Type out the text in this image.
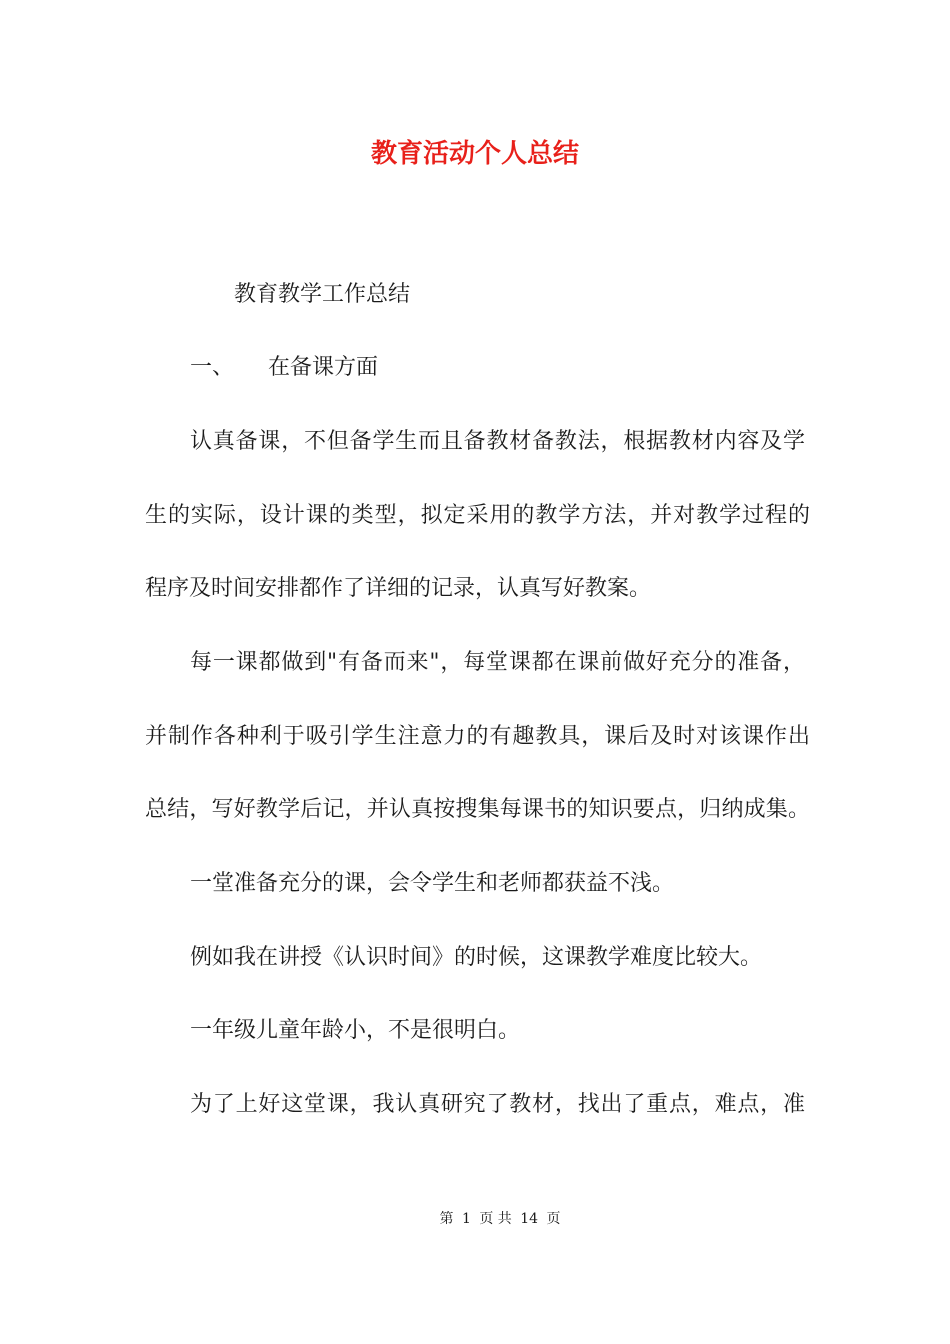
教育活动个人总结
教育教学工作总结
一、 在备课方面
认真备课，不但备学生而且备教材备教法，根据教材内容及学
生的实际，设计课的类型，拟定采用的教学方法，并对教学过程的
程序及时间安排都作了详细的记录，认真写好教案。
每一课都做到"有备而来"，每堂课都在课前做好充分的准备，
并制作各种利于吸引学生注意力的有趣教具，课后及时对该课作出
总结，写好教学后记，并认真按搜集每课书的知识要点，归纳成集。
一堂准备充分的课，会令学生和老师都获益不浅。
例如我在讲授《认识时间》的时候，这课教学难度比较大。
一年级儿童年龄小，不是很明白。
为了上好这堂课，我认真研究了教材，找出了重点，难点，准
第 1 页 共 14 页
